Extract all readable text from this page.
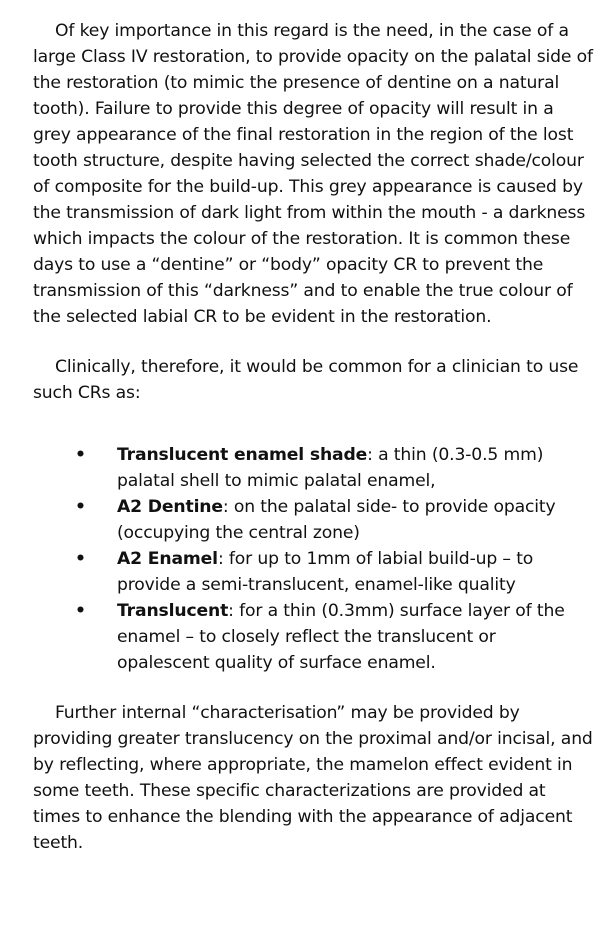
Of key importance in this regard is the need, in the case of a large Class IV restoration, to provide opacity on the palatal side of the restoration (to mimic the presence of dentine on a natural tooth). Failure to provide this degree of opacity will result in a grey appearance of the final restoration in the region of the lost tooth structure, despite having selected the correct shade/colour of composite for the build-up. This grey appearance is caused by the transmission of dark light from within the mouth - a darkness which impacts the colour of the restoration. It is common these days to use a “dentine” or “body” opacity CR to prevent the transmission of this “darkness” and to enable the true colour of the selected labial CR to be evident in the restoration.

Clinically, therefore, it would be common for a clinician to use such CRs as:

• Translucent enamel shade: a thin (0.3-0.5 mm) palatal shell to mimic palatal enamel,
• A2 Dentine: on the palatal side- to provide opacity (occupying the central zone)
• A2 Enamel: for up to 1mm of labial build-up – to provide a semi-translucent, enamel-like quality
• Translucent: for a thin (0.3mm) surface layer of the enamel – to closely reflect the translucent or opalescent quality of surface enamel.

Further internal “characterisation” may be provided by providing greater translucency on the proximal and/or incisal, and by reflecting, where appropriate, the mamelon effect evident in some teeth. These specific characterizations are provided at times to enhance the blending with the appearance of adjacent teeth.
